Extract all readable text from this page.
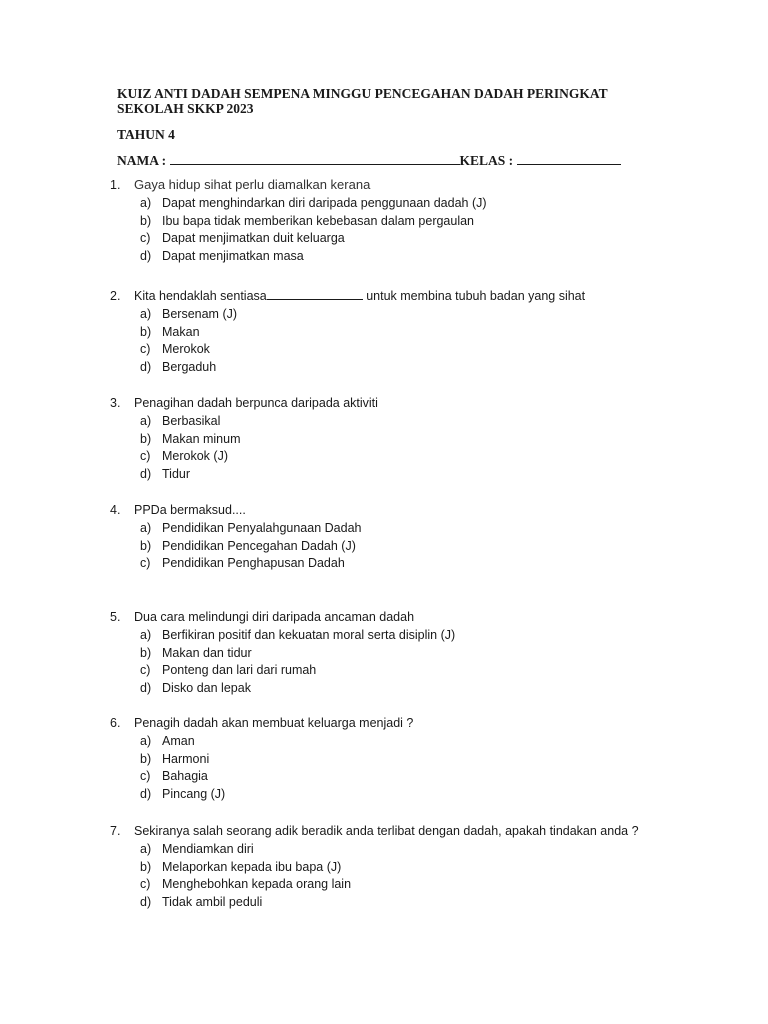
KUIZ ANTI DADAH SEMPENA MINGGU PENCEGAHAN DADAH PERINGKAT SEKOLAH SKKP 2023
TAHUN 4
NAMA :	KELAS :
1. Gaya hidup sihat perlu diamalkan kerana
a) Dapat menghindarkan diri daripada penggunaan dadah (J)
b) Ibu bapa tidak memberikan kebebasan dalam pergaulan
c) Dapat menjimatkan duit keluarga
d) Dapat menjimatkan masa
2. Kita hendaklah sentiasa	untuk membina tubuh badan yang sihat
a) Bersenam (J)
b) Makan
c) Merokok
d) Bergaduh
3. Penagihan dadah berpunca daripada aktiviti
a) Berbasikal
b) Makan minum
c) Merokok (J)
d) Tidur
4. PPDa bermaksud....
a) Pendidikan Penyalahgunaan Dadah
b) Pendidikan Pencegahan Dadah (J)
c) Pendidikan Penghapusan Dadah
5. Dua cara melindungi diri daripada ancaman dadah
a) Berfikiran positif dan kekuatan moral serta disiplin (J)
b) Makan dan tidur
c) Ponteng dan lari dari rumah
d) Disko dan lepak
6. Penagih dadah akan membuat keluarga menjadi ?
a) Aman
b) Harmoni
c) Bahagia
d) Pincang (J)
7. Sekiranya salah seorang adik beradik anda terlibat dengan dadah, apakah tindakan anda ?
a) Mendiamkan diri
b) Melaporkan kepada ibu bapa (J)
c) Menghebohkan kepada orang lain
d) Tidak ambil peduli
